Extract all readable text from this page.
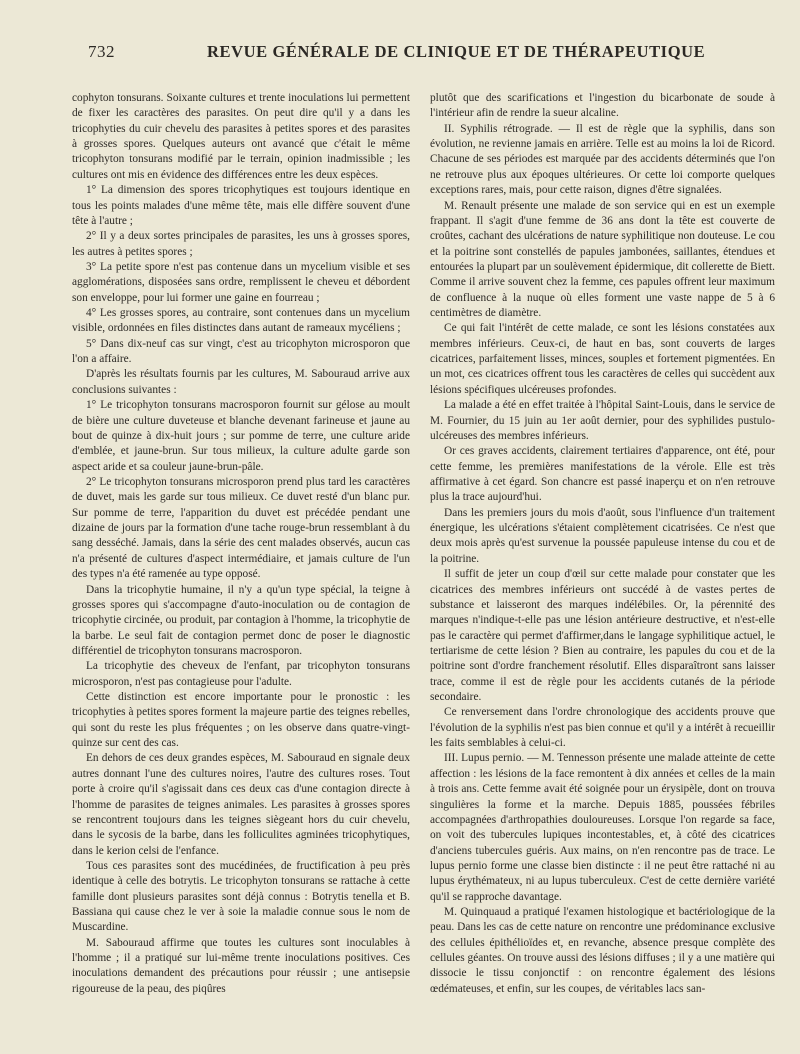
732	REVUE GÉNÉRALE DE CLINIQUE ET DE THÉRAPEUTIQUE

cophyton tonsurans. Soixante cultures et trente inoculations lui permettent de fixer les caractères des parasites. On peut dire qu'il y a dans les tricophyties du cuir chevelu des parasites à petites spores et des parasites à grosses spores. Quelques auteurs ont avancé que c'était le même tricophyton tonsurans modifié par le terrain, opinion inadmissible ; les cultures ont mis en évidence des différences entre les deux espèces.

1° La dimension des spores tricophytiques est toujours identique en tous les points malades d'une même tête, mais elle diffère souvent d'une tête à l'autre ;

2° Il y a deux sortes principales de parasites, les uns à grosses spores, les autres à petites spores ;

3° La petite spore n'est pas contenue dans un mycelium visible et ses agglomérations, disposées sans ordre, remplissent le cheveu et débordent son enveloppe, pour lui former une gaine en fourreau ;

4° Les grosses spores, au contraire, sont contenues dans un mycelium visible, ordonnées en files distinctes dans autant de rameaux mycéliens ;

5° Dans dix-neuf cas sur vingt, c'est au tricophyton microsporon que l'on a affaire.

D'après les résultats fournis par les cultures, M. Sabouraud arrive aux conclusions suivantes :

1° Le tricophyton tonsurans macrosporon fournit sur gélose au moult de bière une culture duveteuse et blanche devenant farineuse et jaune au bout de quinze à dix-huit jours ; sur pomme de terre, une culture aride d'emblée, et jaune-brun. Sur tous milieux, la culture adulte garde son aspect aride et sa couleur jaune-brun-pâle.

2° Le tricophyton tonsurans microsporon prend plus tard les caractères de duvet, mais les garde sur tous milieux. Ce duvet resté d'un blanc pur. Sur pomme de terre, l'apparition du duvet est précédée pendant une dizaine de jours par la formation d'une tache rouge-brun ressemblant à du sang desséché. Jamais, dans la série des cent malades observés, aucun cas n'a présenté de cultures d'aspect intermédiaire, et jamais culture de l'un des types n'a été ramenée au type opposé.

Dans la tricophytie humaine, il n'y a qu'un type spécial, la teigne à grosses spores qui s'accompagne d'auto-inoculation ou de contagion de tricophytie circinée, ou produit, par contagion à l'homme, la tricophytie de la barbe. Le seul fait de contagion permet donc de poser le diagnostic différentiel de tricophyton tonsurans macrosporon.

La tricophytie des cheveux de l'enfant, par tricophyton tonsurans microsporon, n'est pas contagieuse pour l'adulte.

Cette distinction est encore importante pour le pronostic : les tricophyties à petites spores forment la majeure partie des teignes rebelles, qui sont du reste les plus fréquentes ; on les observe dans quatre-vingt-quinze sur cent des cas.

En dehors de ces deux grandes espèces, M. Sabouraud en signale deux autres donnant l'une des cultures noires, l'autre des cultures roses. Tout porte à croire qu'il s'agissait dans ces deux cas d'une contagion directe à l'homme de parasites de teignes animales. Les parasites à grosses spores se rencontrent toujours dans les teignes siègeant hors du cuir chevelu, dans le sycosis de la barbe, dans les folliculites agminées tricophytiques, dans le kerion celsi de l'enfance.

Tous ces parasites sont des mucédinées, de fructification à peu près identique à celle des botrytis. Le tricophyton tonsurans se rattache à cette famille dont plusieurs parasites sont déjà connus : Botrytis tenella et B. Bassiana qui cause chez le ver à soie la maladie connue sous le nom de Muscardine.

M. Sabouraud affirme que toutes les cultures sont inoculables à l'homme ; il a pratiqué sur lui-même trente inoculations positives. Ces inoculations demandent des précautions pour réussir ; une antisepsie rigoureuse de la peau, des piqûres

plutôt que des scarifications et l'ingestion du bicarbonate de soude à l'intérieur afin de rendre la sueur alcaline.

II. Syphilis rétrograde. — Il est de règle que la syphilis, dans son évolution, ne revienne jamais en arrière. Telle est au moins la loi de Ricord. Chacune de ses périodes est marquée par des accidents déterminés que l'on ne retrouve plus aux époques ultérieures. Or cette loi comporte quelques exceptions rares, mais, pour cette raison, dignes d'être signalées.

M. Renault présente une malade de son service qui en est un exemple frappant. Il s'agit d'une femme de 36 ans dont la tête est couverte de croûtes, cachant des ulcérations de nature syphilitique non douteuse. Le cou et la poitrine sont constellés de papules jambonées, saillantes, étendues et entourées la plupart par un soulèvement épidermique, dit collerette de Biett. Comme il arrive souvent chez la femme, ces papules offrent leur maximum de confluence à la nuque où elles forment une vaste nappe de 5 à 6 centimètres de diamètre.

Ce qui fait l'intérêt de cette malade, ce sont les lésions constatées aux membres inférieurs. Ceux-ci, de haut en bas, sont couverts de larges cicatrices, parfaitement lisses, minces, souples et fortement pigmentées. En un mot, ces cicatrices offrent tous les caractères de celles qui succèdent aux lésions spécifiques ulcéreuses profondes.

La malade a été en effet traitée à l'hôpital Saint-Louis, dans le service de M. Fournier, du 15 juin au 1er août dernier, pour des syphilides pustulo-ulcéreuses des membres inférieurs.

Or ces graves accidents, clairement tertiaires d'apparence, ont été, pour cette femme, les premières manifestations de la vérole. Elle est très affirmative à cet égard. Son chancre est passé inaperçu et on n'en retrouve plus la trace aujourd'hui.

Dans les premiers jours du mois d'août, sous l'influence d'un traitement énergique, les ulcérations s'étaient complètement cicatrisées. Ce n'est que deux mois après qu'est survenue la poussée papuleuse intense du cou et de la poitrine.

Il suffit de jeter un coup d'œil sur cette malade pour constater que les cicatrices des membres inférieurs ont succédé à de vastes pertes de substance et laisseront des marques indélébiles. Or, la pérennité des marques n'indique-t-elle pas une lésion antérieure destructive, et n'est-elle pas le caractère qui permet d'affirmer,dans le langage syphilitique actuel, le tertiarisme de cette lésion ? Bien au contraire, les papules du cou et de la poitrine sont d'ordre franchement résolutif. Elles disparaîtront sans laisser trace, comme il est de règle pour les accidents cutanés de la période secondaire.

Ce renversement dans l'ordre chronologique des accidents prouve que l'évolution de la syphilis n'est pas bien connue et qu'il y a intérêt à recueillir les faits semblables à celui-ci.

III. Lupus pernio. — M. Tennesson présente une malade atteinte de cette affection : les lésions de la face remontent à dix années et celles de la main à trois ans. Cette femme avait été soignée pour un érysipèle, dont on trouva singulières la forme et la marche. Depuis 1885, poussées fébriles accompagnées d'arthropathies douloureuses. Lorsque l'on regarde sa face, on voit des tubercules lupiques incontestables, et, à côté des cicatrices d'anciens tubercules guéris. Aux mains, on n'en rencontre pas de trace. Le lupus pernio forme une classe bien distincte : il ne peut être rattaché ni au lupus érythémateux, ni au lupus tuberculeux. C'est de cette dernière variété qu'il se rapproche davantage.

M. Quinquaud a pratiqué l'examen histologique et bactériologique de la peau. Dans les cas de cette nature on rencontre une prédominance exclusive des cellules épithélioïdes et, en revanche, absence presque complète des cellules géantes. On trouve aussi des lésions diffuses ; il y a une matière qui dissocie le tissu conjonctif : on rencontre également des lésions œdémateuses, et enfin, sur les coupes, de véritables lacs san-
